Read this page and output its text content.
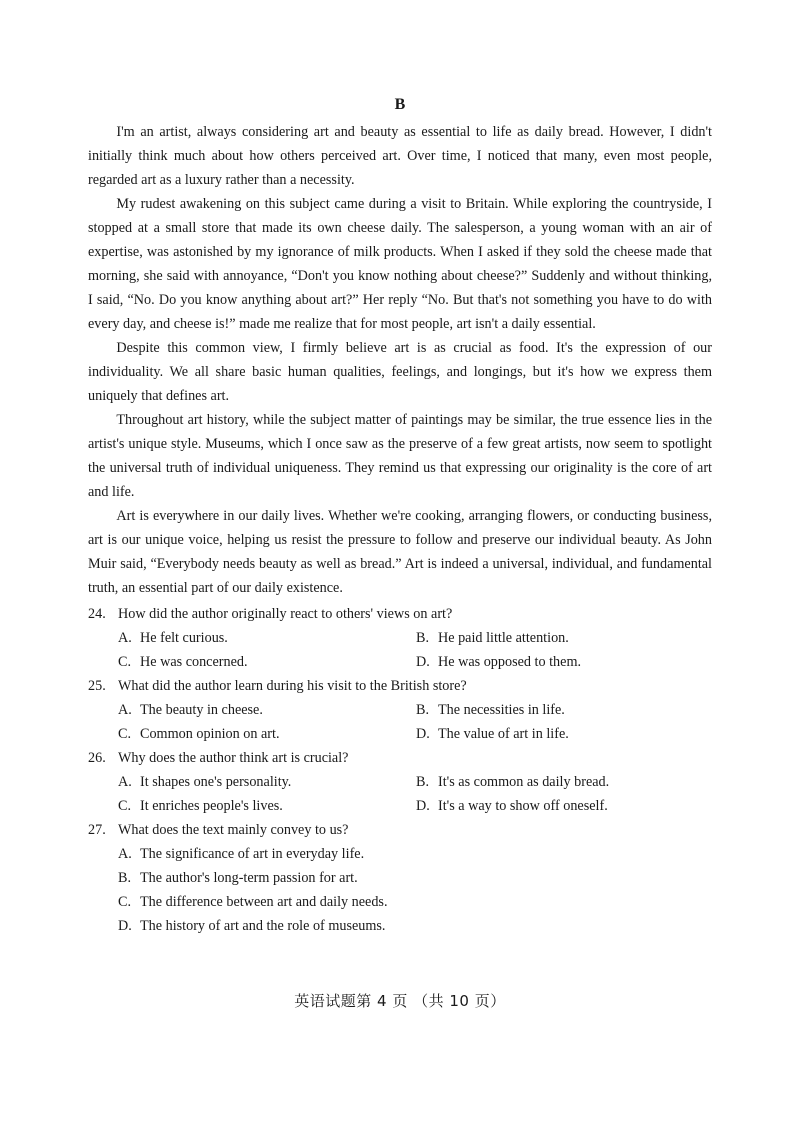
B

I'm an artist, always considering art and beauty as essential to life as daily bread. However, I didn't initially think much about how others perceived art. Over time, I noticed that many, even most people, regarded art as a luxury rather than a necessity.

My rudest awakening on this subject came during a visit to Britain. While exploring the countryside, I stopped at a small store that made its own cheese daily. The salesperson, a young woman with an air of expertise, was astonished by my ignorance of milk products. When I asked if they sold the cheese made that morning, she said with annoyance, “Don't you know nothing about cheese?” Suddenly and without thinking, I said, “No. Do you know anything about art?” Her reply “No. But that's not something you have to do with every day, and cheese is!” made me realize that for most people, art isn't a daily essential.

Despite this common view, I firmly believe art is as crucial as food. It's the expression of our individuality. We all share basic human qualities, feelings, and longings, but it's how we express them uniquely that defines art.

Throughout art history, while the subject matter of paintings may be similar, the true essence lies in the artist's unique style. Museums, which I once saw as the preserve of a few great artists, now seem to spotlight the universal truth of individual uniqueness. They remind us that expressing our originality is the core of art and life.

Art is everywhere in our daily lives. Whether we're cooking, arranging flowers, or conducting business, art is our unique voice, helping us resist the pressure to follow and preserve our individual beauty. As John Muir said, “Everybody needs beauty as well as bread.” Art is indeed a universal, individual, and fundamental truth, an essential part of our daily existence.

24. How did the author originally react to others' views on art?

A. He felt curious.	B. He paid little attention.
C. He was concerned.	D. He was opposed to them.

25. What did the author learn during his visit to the British store?

A. The beauty in cheese.	B. The necessities in life.
C. Common opinion on art.	D. The value of art in life.

26. Why does the author think art is crucial?

A. It shapes one's personality.	B. It's as common as daily bread.
C. It enriches people's lives.	D. It's a way to show off oneself.

27. What does the text mainly convey to us?

A. The significance of art in everyday life.
B. The author's long-term passion for art.
C. The difference between art and daily needs.
D. The history of art and the role of museums.
英语试题第 4 页 （共 10 页）
